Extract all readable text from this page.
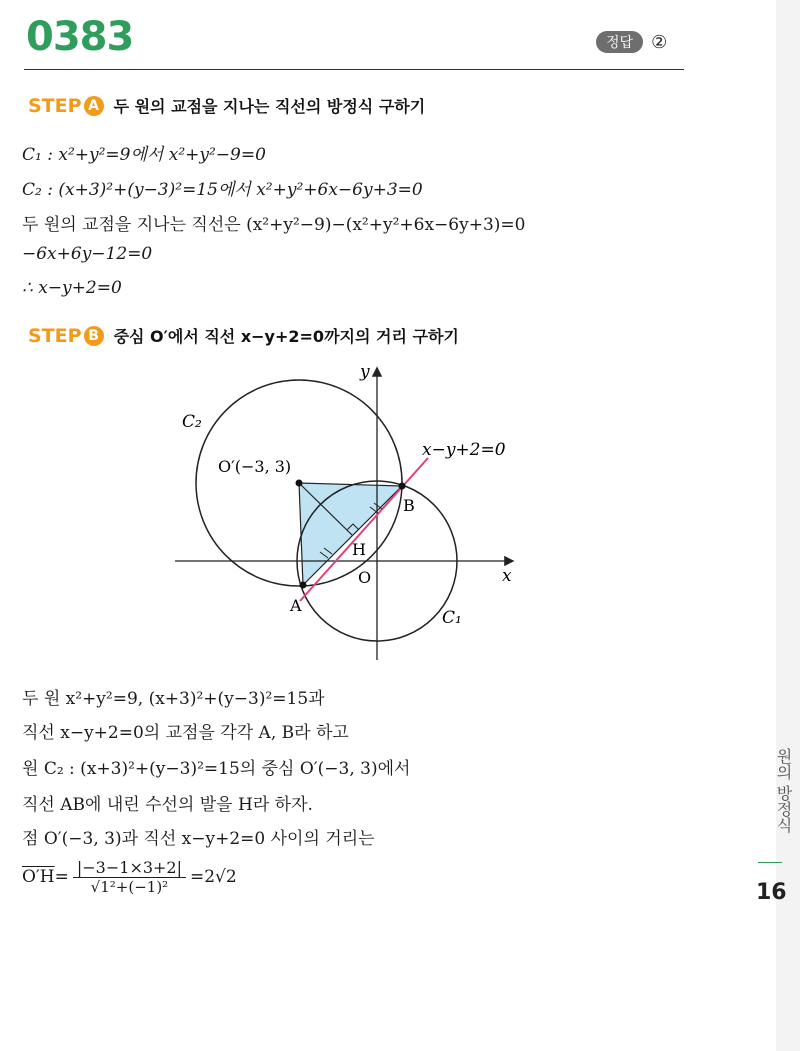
0383	정답	②
STEP A 두 원의 교점을 지나는 직선의 방정식 구하기
C₁ : x²+y²=9에서 x²+y²−9=0
C₂ : (x+3)²+(y−3)²=15에서 x²+y²+6x−6y+3=0
두 원의 교점을 지나는 직선은 (x²+y²−9)−(x²+y²+6x−6y+3)=0
−6x+6y−12=0
∴ x−y+2=0
STEP B 중심 O′에서 직선 x−y+2=0까지의 거리 구하기
y
x
O
C₂
C₁
O′(−3, 3)
x−y+2=0
A
B
H
두 원 x²+y²=9, (x+3)²+(y−3)²=15과
직선 x−y+2=0의 교점을 각각 A, B라 하고
원 C₂ : (x+3)²+(y−3)²=15의 중심 O′(−3, 3)에서
직선 AB에 내린 수선의 발을 H라 하자.
점 O′(−3, 3)과 직선 x−y+2=0 사이의 거리는
$O'H = \frac{|-3-1\times 3+2|}{\text{√1²+(−1)²}} =2√2$
원의 방정식
16
